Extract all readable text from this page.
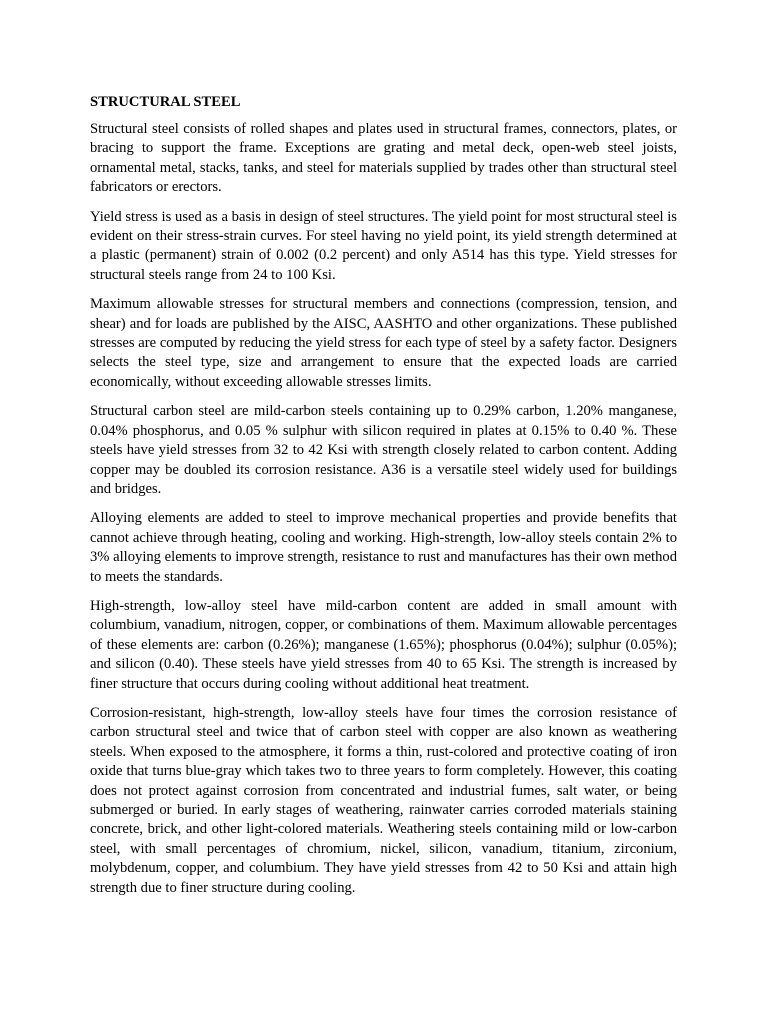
STRUCTURAL STEEL

Structural steel consists of rolled shapes and plates used in structural frames, connectors, plates, or bracing to support the frame. Exceptions are grating and metal deck, open-web steel joists, ornamental metal, stacks, tanks, and steel for materials supplied by trades other than structural steel fabricators or erectors.

Yield stress is used as a basis in design of steel structures. The yield point for most structural steel is evident on their stress-strain curves. For steel having no yield point, its yield strength determined at a plastic (permanent) strain of 0.002 (0.2 percent) and only A514 has this type. Yield stresses for structural steels range from 24 to 100 Ksi.

Maximum allowable stresses for structural members and connections (compression, tension, and shear) and for loads are published by the AISC, AASHTO and other organizations. These published stresses are computed by reducing the yield stress for each type of steel by a safety factor. Designers selects the steel type, size and arrangement to ensure that the expected loads are carried economically, without exceeding allowable stresses limits.

Structural carbon steel are mild-carbon steels containing up to 0.29% carbon, 1.20% manganese, 0.04% phosphorus, and 0.05 % sulphur with silicon required in plates at 0.15% to 0.40 %. These steels have yield stresses from 32 to 42 Ksi with strength closely related to carbon content. Adding copper may be doubled its corrosion resistance. A36 is a versatile steel widely used for buildings and bridges.

Alloying elements are added to steel to improve mechanical properties and provide benefits that cannot achieve through heating, cooling and working. High-strength, low-alloy steels contain 2% to 3% alloying elements to improve strength, resistance to rust and manufactures has their own method to meets the standards.

High-strength, low-alloy steel have mild-carbon content are added in small amount with columbium, vanadium, nitrogen, copper, or combinations of them. Maximum allowable percentages of these elements are: carbon (0.26%); manganese (1.65%); phosphorus (0.04%); sulphur (0.05%); and silicon (0.40). These steels have yield stresses from 40 to 65 Ksi. The strength is increased by finer structure that occurs during cooling without additional heat treatment.

Corrosion-resistant, high-strength, low-alloy steels have four times the corrosion resistance of carbon structural steel and twice that of carbon steel with copper are also known as weathering steels. When exposed to the atmosphere, it forms a thin, rust-colored and protective coating of iron oxide that turns blue-gray which takes two to three years to form completely. However, this coating does not protect against corrosion from concentrated and industrial fumes, salt water, or being submerged or buried. In early stages of weathering, rainwater carries corroded materials staining concrete, brick, and other light-colored materials. Weathering steels containing mild or low-carbon steel, with small percentages of chromium, nickel, silicon, vanadium, titanium, zirconium, molybdenum, copper, and columbium. They have yield stresses from 42 to 50 Ksi and attain high strength due to finer structure during cooling.
